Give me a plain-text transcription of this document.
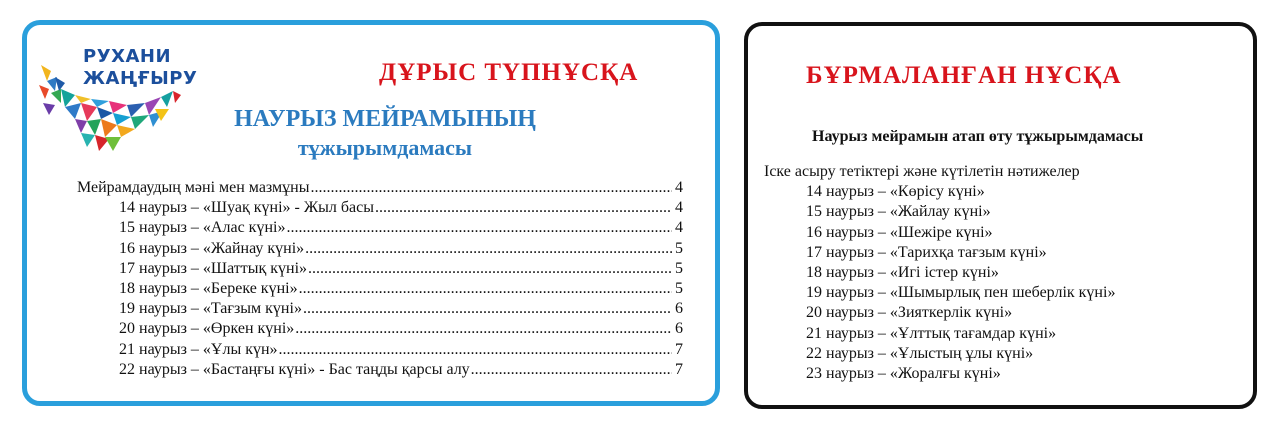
РУХАНИ
ЖАҢҒЫРУ	ДҰРЫС ТҮПНҰСҚА
НАУРЫЗ МЕЙРАМЫНЫҢ
тұжырымдамасы
Мейрамдаудың мәні мен мазмұны .....	4
14 наурыз – «Шуақ күні» - Жыл басы .....	4
15 наурыз – «Алас күні» .....	4
16 наурыз – «Жайнау күні» .....	5
17 наурыз – «Шаттық күні» .....	5
18 наурыз – «Береке күні» .....	5
19 наурыз – «Тағзым күні» .....	6
20 наурыз – «Өркен күні» .....	6
21 наурыз – «Ұлы күн» .....	7
22 наурыз – «Бастаңғы күні» - Бас таңды қарсы алу .....	7
БҰРМАЛАНҒАН НҰСҚА
Наурыз мейрамын атап өту тұжырымдамасы
Іске асыру тетіктері және күтілетін нәтижелер
14 наурыз – «Көрісу күні»
15 наурыз – «Жайлау күні»
16 наурыз – «Шежіре күні»
17 наурыз – «Тарихқа тағзым күні»
18 наурыз – «Игі істер күні»
19 наурыз – «Шымырлық пен шеберлік күні»
20 наурыз – «Зияткерлік күні»
21 наурыз – «Ұлттық тағамдар күні»
22 наурыз – «Ұлыстың ұлы күні»
23 наурыз – «Жоралғы күні»
